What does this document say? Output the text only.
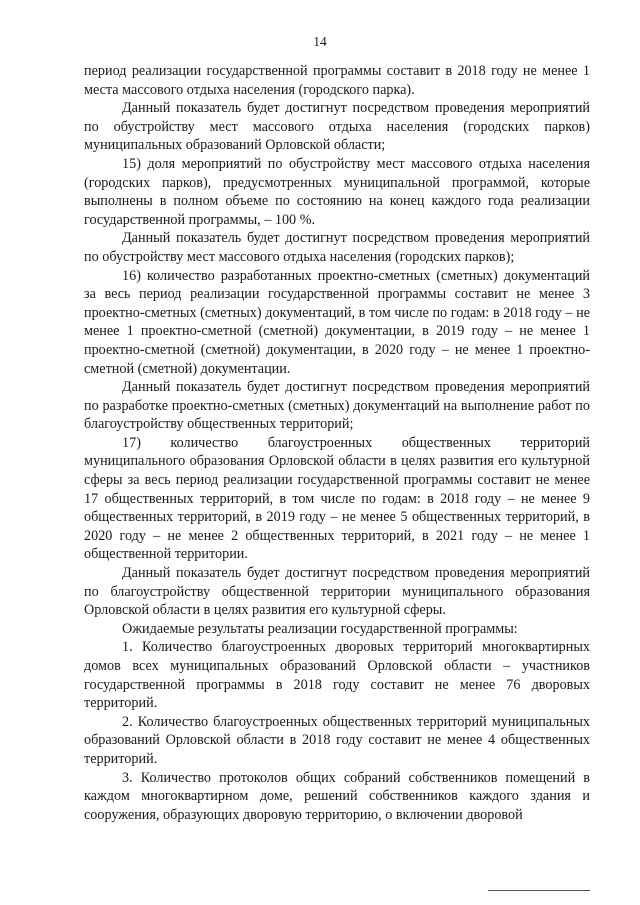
14

период реализации государственной программы составит в 2018 году не менее 1 места массового отдыха населения (городского парка).

Данный показатель будет достигнут посредством проведения мероприятий по обустройству мест массового отдыха населения (городских парков) муниципальных образований Орловской области;

15) доля мероприятий по обустройству мест массового отдыха населения (городских парков), предусмотренных муниципальной программой, которые выполнены в полном объеме по состоянию на конец каждого года реализации государственной программы, – 100 %.

Данный показатель будет достигнут посредством проведения мероприятий по обустройству мест массового отдыха населения (городских парков);

16) количество разработанных проектно-сметных (сметных) документаций за весь период реализации государственной программы составит не менее 3 проектно-сметных (сметных) документаций, в том числе по годам: в 2018 году – не менее 1 проектно-сметной (сметной) документации, в 2019 году – не менее 1 проектно-сметной (сметной) документации, в 2020 году – не менее 1 проектно-сметной (сметной) документации.

Данный показатель будет достигнут посредством проведения мероприятий по разработке проектно-сметных (сметных) документаций на выполнение работ по благоустройству общественных территорий;

17) количество благоустроенных общественных территорий муниципального образования Орловской области в целях развития его культурной сферы за весь период реализации государственной программы составит не менее 17 общественных территорий, в том числе по годам: в 2018 году – не менее 9 общественных территорий, в 2019 году – не менее 5 общественных территорий, в 2020 году – не менее 2 общественных территорий, в 2021 году – не менее 1 общественной территории.

Данный показатель будет достигнут посредством проведения мероприятий по благоустройству общественной территории муниципального образования Орловской области в целях развития его культурной сферы.

Ожидаемые результаты реализации государственной программы:

1. Количество благоустроенных дворовых территорий многоквартирных домов всех муниципальных образований Орловской области – участников государственной программы в 2018 году составит не менее 76 дворовых территорий.

2. Количество благоустроенных общественных территорий муниципальных образований Орловской области в 2018 году составит не менее 4 общественных территорий.

3. Количество протоколов общих собраний собственников помещений в каждом многоквартирном доме, решений собственников каждого здания и сооружения, образующих дворовую территорию, о включении дворовой
